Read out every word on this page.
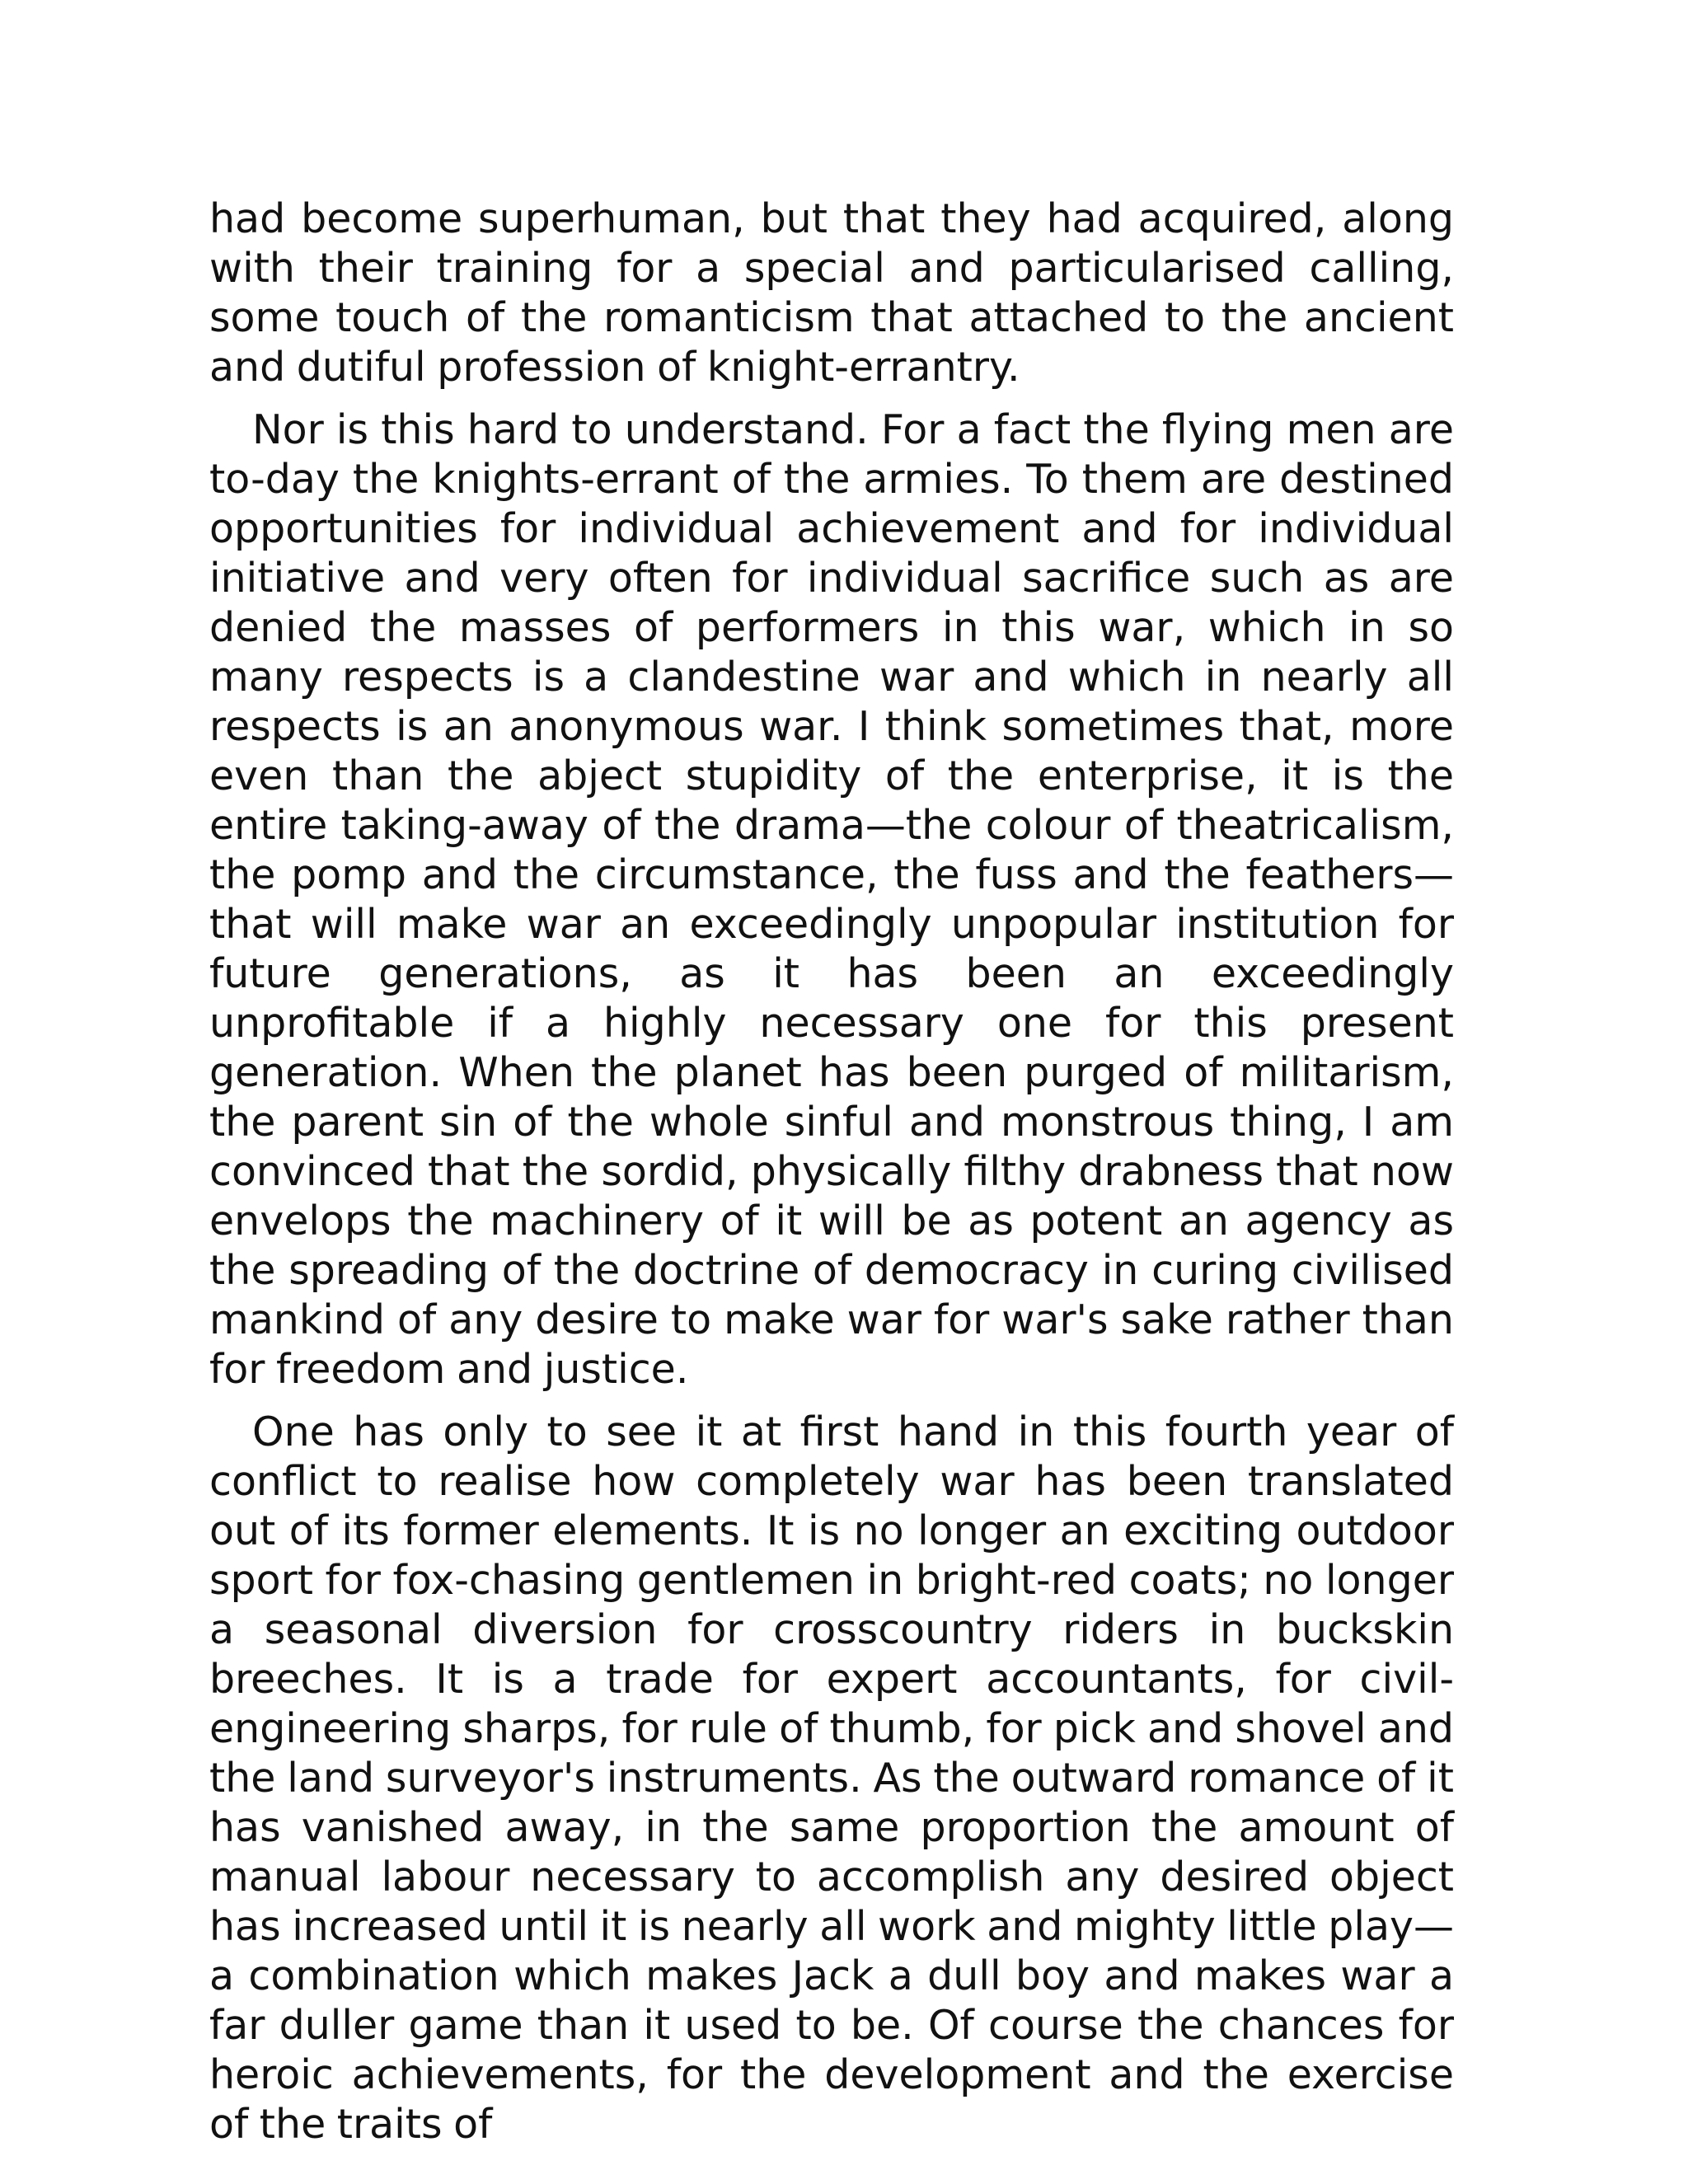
had become superhuman, but that they had acquired, along with their training for a special and particularised calling, some touch of the romanticism that attached to the ancient and dutiful profession of knight-errantry.

Nor is this hard to understand. For a fact the flying men are to-day the knights-errant of the armies. To them are destined opportunities for individual achievement and for individual initiative and very often for individual sacrifice such as are denied the masses of performers in this war, which in so many respects is a clandestine war and which in nearly all respects is an anonymous war. I think sometimes that, more even than the abject stupidity of the enterprise, it is the entire taking-away of the drama—the colour of theatricalism, the pomp and the circumstance, the fuss and the feathers—that will make war an exceedingly unpopular institution for future generations, as it has been an exceedingly unprofitable if a highly necessary one for this present generation. When the planet has been purged of militarism, the parent sin of the whole sinful and monstrous thing, I am convinced that the sordid, physically filthy drabness that now envelops the machinery of it will be as potent an agency as the spreading of the doctrine of democracy in curing civilised mankind of any desire to make war for war's sake rather than for freedom and justice.

One has only to see it at first hand in this fourth year of conflict to realise how completely war has been translated out of its former elements. It is no longer an exciting outdoor sport for fox-chasing gentlemen in bright-red coats; no longer a seasonal diversion for crosscountry riders in buckskin breeches. It is a trade for expert accountants, for civil-engineering sharps, for rule of thumb, for pick and shovel and the land surveyor's instruments. As the outward romance of it has vanished away, in the same proportion the amount of manual labour necessary to accomplish any desired object has increased until it is nearly all work and mighty little play—a combination which makes Jack a dull boy and makes war a far duller game than it used to be. Of course the chances for heroic achievements, for the development and the exercise of the traits of
